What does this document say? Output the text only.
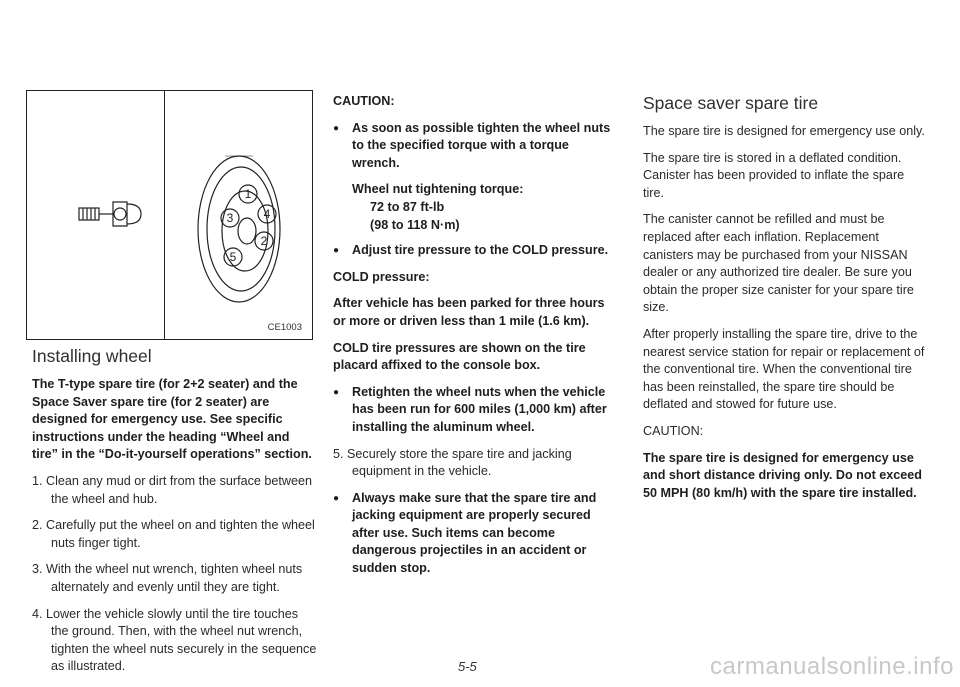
1
4
3
2
5
CE1003

Installing wheel

The T-type spare tire (for 2+2 seater) and the Space Saver spare tire (for 2 seater) are designed for emergency use. See specific instructions under the heading “Wheel and tire” in the “Do-it-yourself operations” section.

1. Clean any mud or dirt from the surface between the wheel and hub.

2. Carefully put the wheel on and tighten the wheel nuts finger tight.

3. With the wheel nut wrench, tighten wheel nuts alternately and evenly until they are tight.

4. Lower the vehicle slowly until the tire touches the ground. Then, with the wheel nut wrench, tighten the wheel nuts securely in the sequence as illustrated.

CAUTION:

● As soon as possible tighten the wheel nuts to the specified torque with a torque wrench.

Wheel nut tightening torque:
72 to 87 ft-lb
(98 to 118 N·m)

● Adjust tire pressure to the COLD pressure.

COLD pressure:

After vehicle has been parked for three hours or more or driven less than 1 mile (1.6 km).

COLD tire pressures are shown on the tire placard affixed to the console box.

● Retighten the wheel nuts when the vehicle has been run for 600 miles (1,000 km) after installing the aluminum wheel.

5. Securely store the spare tire and jacking equipment in the vehicle.

● Always make sure that the spare tire and jacking equipment are properly secured after use. Such items can become dangerous projectiles in an accident or sudden stop.

Space saver spare tire

The spare tire is designed for emergency use only.

The spare tire is stored in a deflated condition. Canister has been provided to inflate the spare tire.

The canister cannot be refilled and must be replaced after each inflation. Replacement canisters may be purchased from your NISSAN dealer or any authorized tire dealer. Be sure you obtain the proper size canister for your spare tire size.

After properly installing the spare tire, drive to the nearest service station for repair or replacement of the conventional tire. When the conventional tire has been reinstalled, the spare tire should be deflated and stowed for future use.

CAUTION:

The spare tire is designed for emergency use and short distance driving only. Do not exceed 50 MPH (80 km/h) with the spare tire installed.

5-5	carmanualsonline.info
